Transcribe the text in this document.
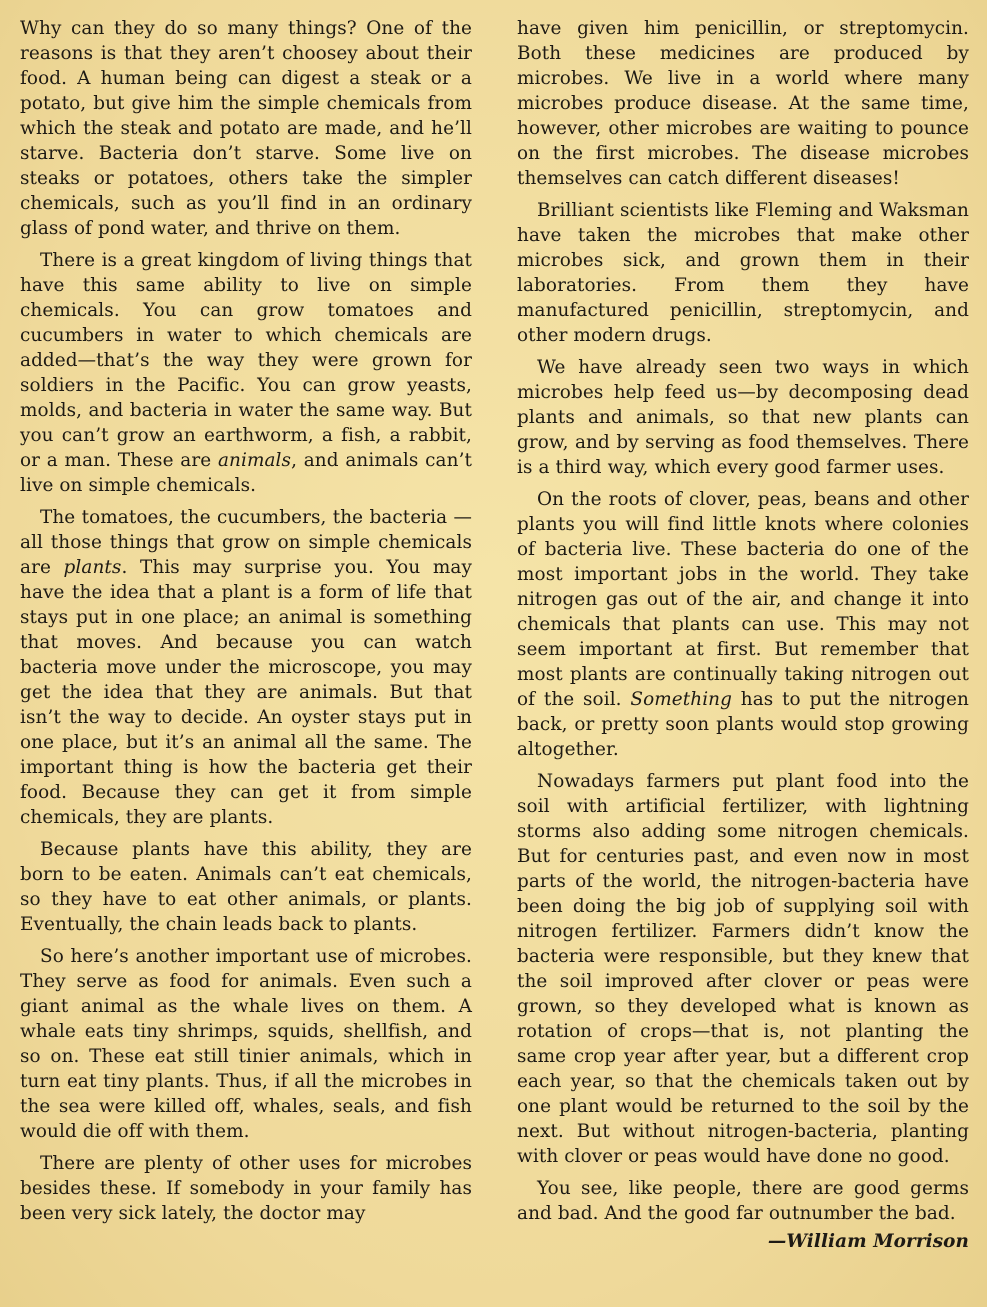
Why can they do so many things? One of the reasons is that they aren’t choosey about their food. A human being can digest a steak or a potato, but give him the simple chemicals from which the steak and potato are made, and he’ll starve. Bacteria don’t starve. Some live on steaks or potatoes, others take the simpler chemicals, such as you’ll find in an ordinary glass of pond water, and thrive on them.

There is a great kingdom of living things that have this same ability to live on simple chemicals. You can grow tomatoes and cucumbers in water to which chemicals are added—that’s the way they were grown for soldiers in the Pacific. You can grow yeasts, molds, and bacteria in water the same way. But you can’t grow an earthworm, a fish, a rabbit, or a man. These are animals, and animals can’t live on simple chemicals.

The tomatoes, the cucumbers, the bacteria —all those things that grow on simple chemicals are plants. This may surprise you. You may have the idea that a plant is a form of life that stays put in one place; an animal is something that moves. And because you can watch bacteria move under the microscope, you may get the idea that they are animals. But that isn’t the way to decide. An oyster stays put in one place, but it’s an animal all the same. The important thing is how the bacteria get their food. Because they can get it from simple chemicals, they are plants.

Because plants have this ability, they are born to be eaten. Animals can’t eat chemicals, so they have to eat other animals, or plants. Eventually, the chain leads back to plants.

So here’s another important use of microbes. They serve as food for animals. Even such a giant animal as the whale lives on them. A whale eats tiny shrimps, squids, shellfish, and so on. These eat still tinier animals, which in turn eat tiny plants. Thus, if all the microbes in the sea were killed off, whales, seals, and fish would die off with them.

There are plenty of other uses for microbes besides these. If somebody in your family has been very sick lately, the doctor may

have given him penicillin, or streptomycin. Both these medicines are produced by microbes. We live in a world where many microbes produce disease. At the same time, however, other microbes are waiting to pounce on the first microbes. The disease microbes themselves can catch different diseases!

Brilliant scientists like Fleming and Waksman have taken the microbes that make other microbes sick, and grown them in their laboratories. From them they have manufactured penicillin, streptomycin, and other modern drugs.

We have already seen two ways in which microbes help feed us—by decomposing dead plants and animals, so that new plants can grow, and by serving as food themselves. There is a third way, which every good farmer uses.

On the roots of clover, peas, beans and other plants you will find little knots where colonies of bacteria live. These bacteria do one of the most important jobs in the world. They take nitrogen gas out of the air, and change it into chemicals that plants can use. This may not seem important at first. But remember that most plants are continually taking nitrogen out of the soil. Something has to put the nitrogen back, or pretty soon plants would stop growing altogether.

Nowadays farmers put plant food into the soil with artificial fertilizer, with lightning storms also adding some nitrogen chemicals. But for centuries past, and even now in most parts of the world, the nitrogen-bacteria have been doing the big job of supplying soil with nitrogen fertilizer. Farmers didn’t know the bacteria were responsible, but they knew that the soil improved after clover or peas were grown, so they developed what is known as rotation of crops—that is, not planting the same crop year after year, but a different crop each year, so that the chemicals taken out by one plant would be returned to the soil by the next. But without nitrogen-bacteria, planting with clover or peas would have done no good.

You see, like people, there are good germs and bad. And the good far outnumber the bad.

—William Morrison
